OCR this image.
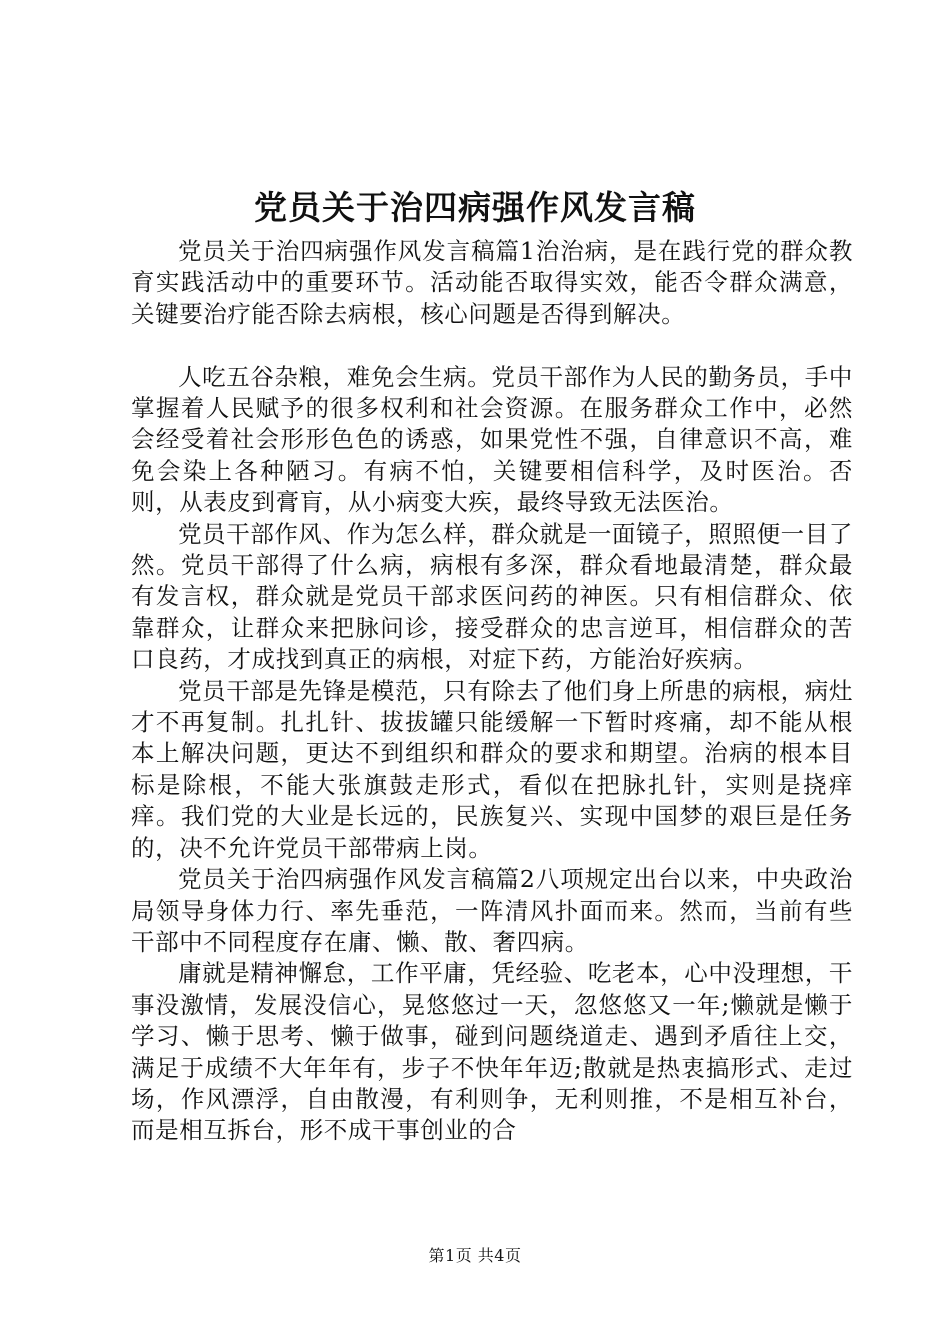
党员关于治四病强作风发言稿

党员关于治四病强作风发言稿篇1治治病，是在践行党的群众教育实践活动中的重要环节。活动能否取得实效，能否令群众满意，关键要治疗能否除去病根，核心问题是否得到解决。

人吃五谷杂粮，难免会生病。党员干部作为人民的勤务员，手中掌握着人民赋予的很多权利和社会资源。在服务群众工作中，必然会经受着社会形形色色的诱惑，如果党性不强，自律意识不高，难免会染上各种陋习。有病不怕，关键要相信科学，及时医治。否则，从表皮到膏肓，从小病变大疾，最终导致无法医治。

党员干部作风、作为怎么样，群众就是一面镜子，照照便一目了然。党员干部得了什么病，病根有多深，群众看地最清楚，群众最有发言权，群众就是党员干部求医问药的神医。只有相信群众、依靠群众，让群众来把脉问诊，接受群众的忠言逆耳，相信群众的苦口良药，才成找到真正的病根，对症下药，方能治好疾病。

党员干部是先锋是模范，只有除去了他们身上所患的病根，病灶才不再复制。扎扎针、拔拔罐只能缓解一下暂时疼痛，却不能从根本上解决问题，更达不到组织和群众的要求和期望。治病的根本目标是除根，不能大张旗鼓走形式，看似在把脉扎针，实则是挠痒痒。我们党的大业是长远的，民族复兴、实现中国梦的艰巨是任务的，决不允许党员干部带病上岗。

党员关于治四病强作风发言稿篇2八项规定出台以来，中央政治局领导身体力行、率先垂范，一阵清风扑面而来。然而，当前有些干部中不同程度存在庸、懒、散、奢四病。

庸就是精神懈怠，工作平庸，凭经验、吃老本，心中没理想，干事没激情，发展没信心，晃悠悠过一天，忽悠悠又一年;懒就是懒于学习、懒于思考、懒于做事，碰到问题绕道走、遇到矛盾往上交，满足于成绩不大年年有，步子不快年年迈;散就是热衷搞形式、走过场，作风漂浮，自由散漫，有利则争，无利则推，不是相互补台，而是相互拆台，形不成干事创业的合

第1页 共4页
